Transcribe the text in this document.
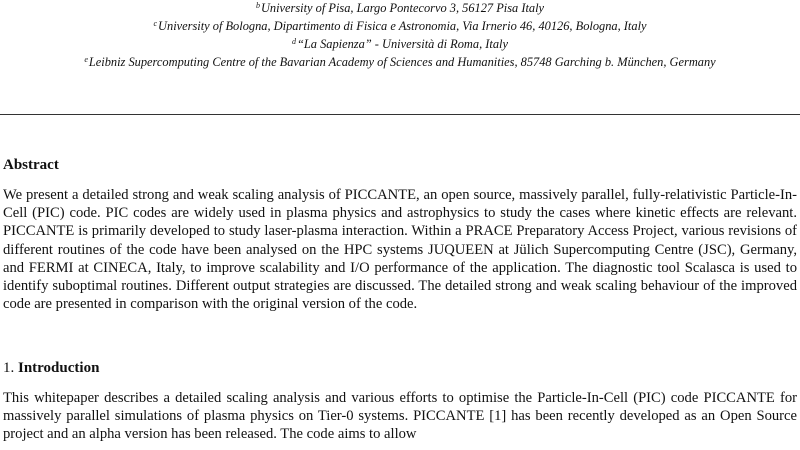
$^b$University of Pisa, Largo Pontecorvo 3, 56127 Pisa Italy
$^c$University of Bologna, Dipartimento di Fisica e Astronomia, Via Irnerio 46, 40126, Bologna, Italy
$^d$“La Sapienza” - Università di Roma, Italy
$^e$Leibniz Supercomputing Centre of the Bavarian Academy of Sciences and Humanities, 85748 Garching b. München, Germany
Abstract
We present a detailed strong and weak scaling analysis of PICCANTE, an open source, massively parallel, fully-relativistic Particle-In-Cell (PIC) code. PIC codes are widely used in plasma physics and astrophysics to study the cases where kinetic effects are relevant. PICCANTE is primarily developed to study laser-plasma interaction. Within a PRACE Preparatory Access Project, various revisions of different routines of the code have been analysed on the HPC systems JUQUEEN at Jülich Supercomputing Centre (JSC), Germany, and FERMI at CINECA, Italy, to improve scalability and I/O performance of the application. The diagnostic tool Scalasca is used to identify suboptimal routines. Different output strategies are discussed. The detailed strong and weak scaling behaviour of the improved code are presented in comparison with the original version of the code.
1. Introduction
This whitepaper describes a detailed scaling analysis and various efforts to optimise the Particle-In-Cell (PIC) code PICCANTE for massively parallel simulations of plasma physics on Tier-0 systems. PICCANTE [1] has been recently developed as an Open Source project and an alpha version has been released. The code aims to allow
